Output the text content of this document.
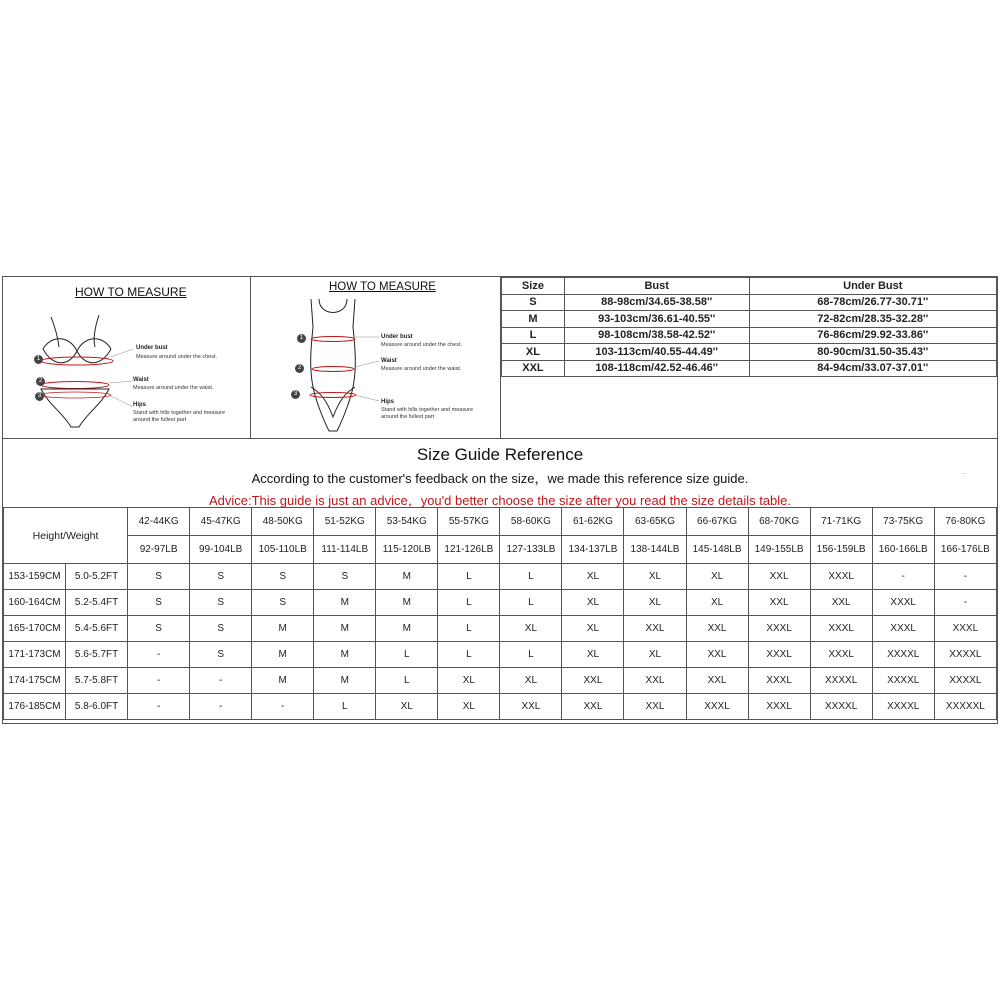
HOW TO MEASURE
1
2
3
Under bust
Measure around under the chest.
Waist
Measure around under the waist.
Hips
Stand with hills together and measure
around the fullest part
HOW TO MEASURE
1
2
3
Under bust
Measure around under the chest.
Waist
Measure around under the waist.
Hips
Stand with hills together and measure
around the fullest part
Size	Bust	Under Bust
S	88-98cm/34.65-38.58''	68-78cm/26.77-30.71''
M	93-103cm/36.61-40.55''	72-82cm/28.35-32.28''
L	98-108cm/38.58-42.52''	76-86cm/29.92-33.86''
XL	103-113cm/40.55-44.49''	80-90cm/31.50-35.43''
XXL	108-118cm/42.52-46.46''	84-94cm/33.07-37.01''
Size Guide Reference
According to the customer's feedback on the size，we made this reference size guide.
Advice:This guide is just an advice，you'd better choose the size after you read the size details table.
.
Height/Weight		42-44KG	45-47KG	48-50KG	51-52KG	53-54KG	55-57KG	58-60KG	61-62KG	63-65KG	66-67KG	68-70KG	71-71KG	73-75KG	76-80KG
		92-97LB	99-104LB	105-110LB	111-114LB	115-120LB	121-126LB	127-133LB	134-137LB	138-144LB	145-148LB	149-155LB	156-159LB	160-166LB	166-176LB
153-159CM	5.0-5.2FT	S	S	S	S	M	L	L	XL	XL	XL	XXL	XXXL	-	-
160-164CM	5.2-5.4FT	S	S	S	M	M	L	L	XL	XL	XL	XXL	XXL	XXXL	-
165-170CM	5.4-5.6FT	S	S	M	M	M	L	XL	XL	XXL	XXL	XXXL	XXXL	XXXL	XXXL
171-173CM	5.6-5.7FT	-	S	M	M	L	L	L	XL	XL	XXL	XXXL	XXXL	XXXXL	XXXXL
174-175CM	5.7-5.8FT	-	-	M	M	L	XL	XL	XXL	XXL	XXL	XXXL	XXXXL	XXXXL	XXXXL
176-185CM	5.8-6.0FT	-	-	-	L	XL	XL	XXL	XXL	XXL	XXXL	XXXL	XXXXL	XXXXL	XXXXXL
